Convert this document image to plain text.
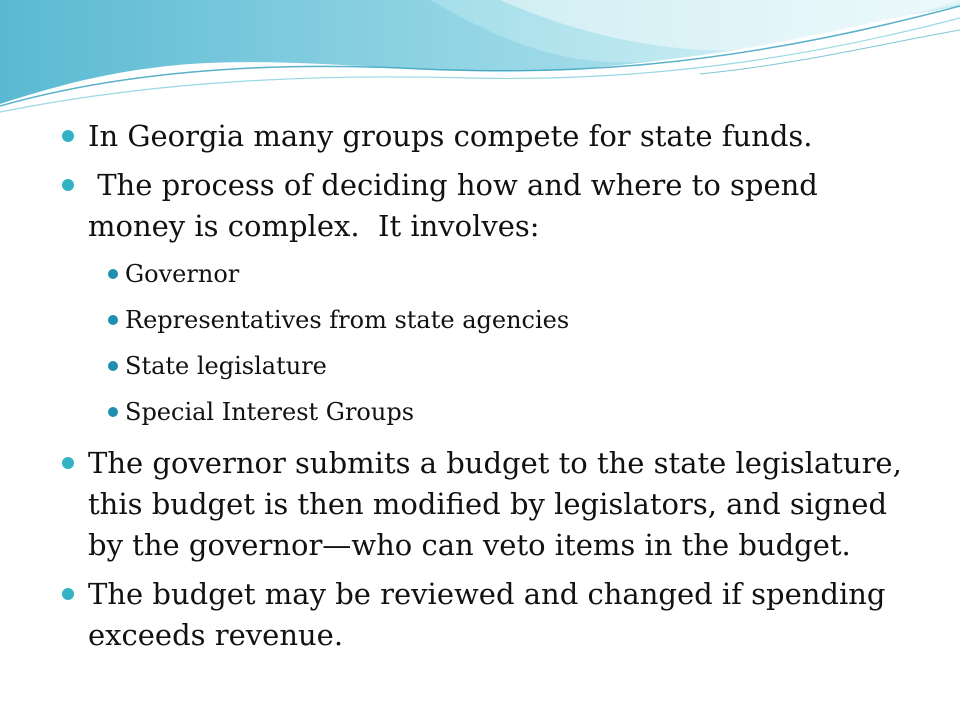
In Georgia many groups compete for state funds.
The process of deciding how and where to spend money is complex.  It involves:
Governor
Representatives from state agencies
State legislature
Special Interest Groups
The governor submits a budget to the state legislature, this budget is then modified by legislators, and signed by the governor—who can veto items in the budget.
The budget may be reviewed and changed if spending exceeds revenue.
